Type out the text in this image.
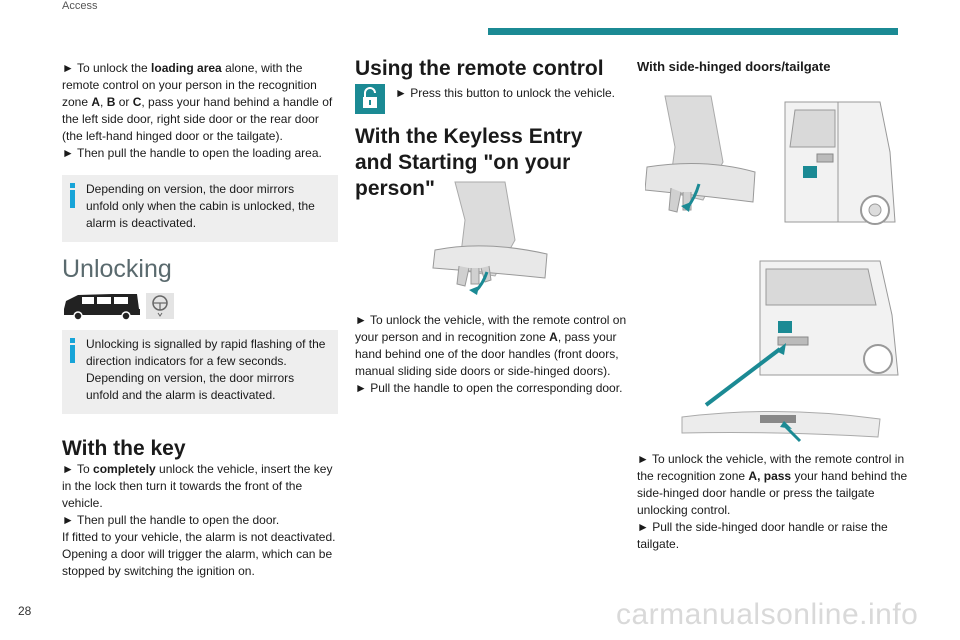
Access

► To unlock the loading area alone, with the remote control on your person in the recognition zone A, B or C, pass your hand behind a handle of the left side door, right side door or the rear door (the left-hand hinged door or the tailgate).

► Then pull the handle to open the loading area.

Depending on version, the door mirrors unfold only when the cabin is unlocked, the alarm is deactivated.
Unlocking
Unlocking is signalled by rapid flashing of the direction indicators for a few seconds.
Depending on version, the door mirrors unfold and the alarm is deactivated.
With the key

► To completely unlock the vehicle, insert the key in the lock then turn it towards the front of the vehicle.

► Then pull the handle to open the door.

If fitted to your vehicle, the alarm is not deactivated. Opening a door will trigger the alarm, which can be stopped by switching the ignition on.

Using the remote control
► Press this button to unlock the vehicle.
With the Keyless Entry and Starting "on your person"

► To unlock the vehicle, with the remote control on your person and in recognition zone A, pass your hand behind one of the door handles (front doors, manual sliding side doors or side-hinged doors).

► Pull the handle to open the corresponding door.

With side-hinged doors/tailgate

► To unlock the vehicle, with the remote control in the recognition zone A, pass your hand behind the side-hinged door handle or press the tailgate unlocking control.

► Pull the side-hinged door handle or raise the tailgate.

28	carmanualsonline.info
